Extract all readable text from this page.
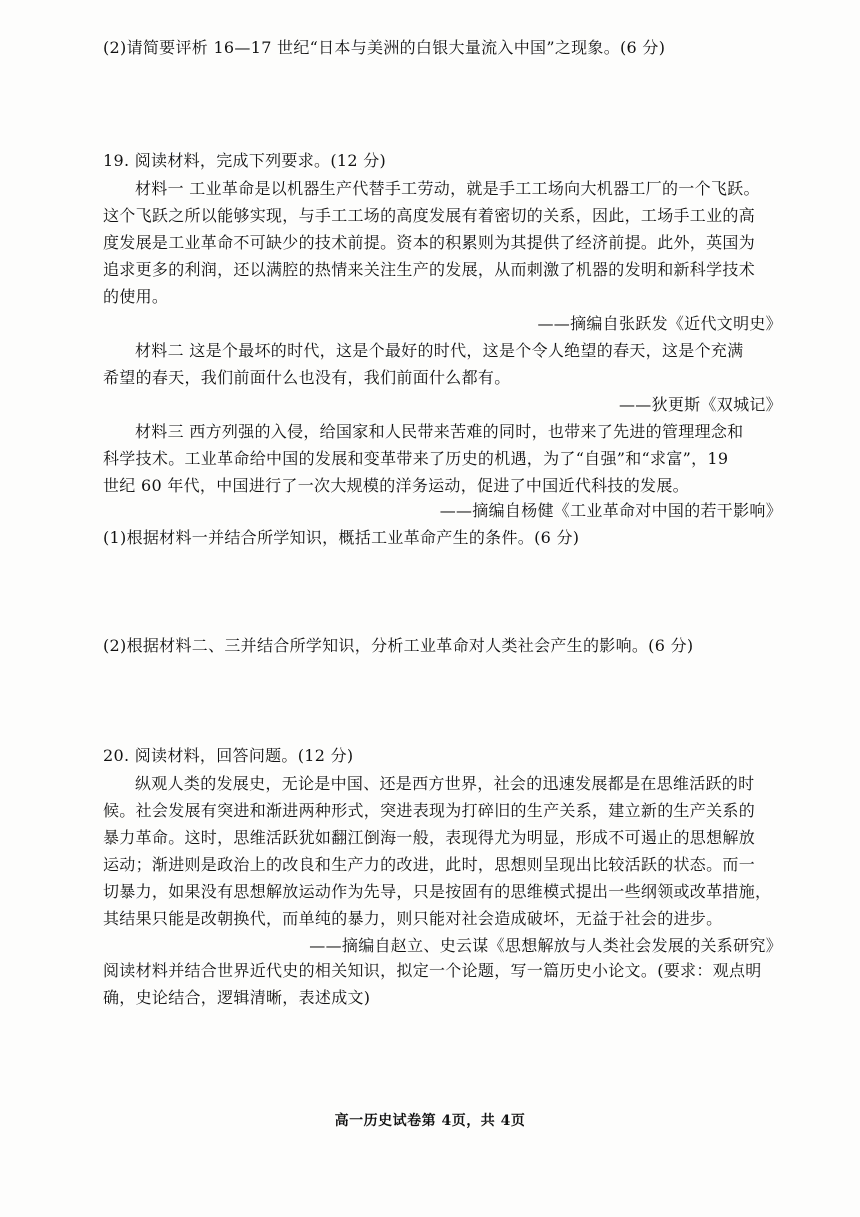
(2)请简要评析 16—17 世纪“日本与美洲的白银大量流入中国”之现象。(6 分)
19. 阅读材料，完成下列要求。(12 分)
材料一 工业革命是以机器生产代替手工劳动，就是手工工场向大机器工厂的一个飞跃。
这个飞跃之所以能够实现，与手工工场的高度发展有着密切的关系，因此，工场手工业的高
度发展是工业革命不可缺少的技术前提。资本的积累则为其提供了经济前提。此外，英国为
追求更多的利润，还以满腔的热情来关注生产的发展，从而刺激了机器的发明和新科学技术
的使用。
——摘编自张跃发《近代文明史》
材料二 这是个最坏的时代，这是个最好的时代，这是个令人绝望的春天，这是个充满
希望的春天，我们前面什么也没有，我们前面什么都有。
——狄更斯《双城记》
材料三 西方列强的入侵，给国家和人民带来苦难的同时，也带来了先进的管理理念和
科学技术。工业革命给中国的发展和变革带来了历史的机遇，为了“自强”和“求富”，19
世纪 60 年代，中国进行了一次大规模的洋务运动，促进了中国近代科技的发展。
——摘编自杨健《工业革命对中国的若干影响》
(1)根据材料一并结合所学知识，概括工业革命产生的条件。(6 分)
(2)根据材料二、三并结合所学知识，分析工业革命对人类社会产生的影响。(6 分)
20. 阅读材料，回答问题。(12 分)
纵观人类的发展史，无论是中国、还是西方世界，社会的迅速发展都是在思维活跃的时
候。社会发展有突进和渐进两种形式，突进表现为打碎旧的生产关系，建立新的生产关系的
暴力革命。这时，思维活跃犹如翻江倒海一般，表现得尤为明显，形成不可遏止的思想解放
运动；渐进则是政治上的改良和生产力的改进，此时，思想则呈现出比较活跃的状态。而一
切暴力，如果没有思想解放运动作为先导，只是按固有的思维模式提出一些纲领或改革措施，
其结果只能是改朝换代，而单纯的暴力，则只能对社会造成破坏，无益于社会的进步。
——摘编自赵立、史云谋《思想解放与人类社会发展的关系研究》
阅读材料并结合世界近代史的相关知识，拟定一个论题，写一篇历史小论文。(要求：观点明
确，史论结合，逻辑清晰，表述成文)
高一历史试卷第 4页，共 4页
